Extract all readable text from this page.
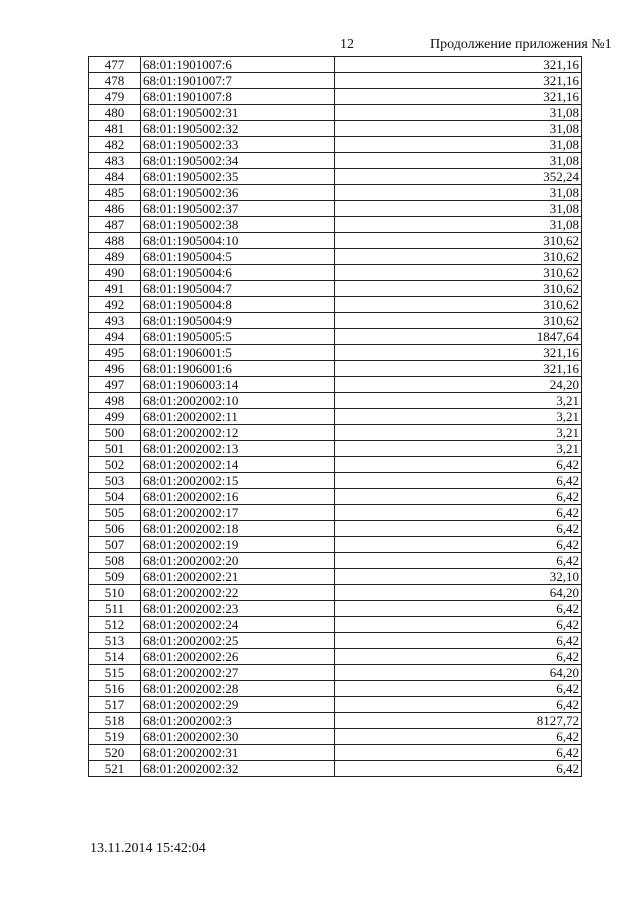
12	Продолжение приложения №1
477	68:01:1901007:6	321,16
478	68:01:1901007:7	321,16
479	68:01:1901007:8	321,16
480	68:01:1905002:31	31,08
481	68:01:1905002:32	31,08
482	68:01:1905002:33	31,08
483	68:01:1905002:34	31,08
484	68:01:1905002:35	352,24
485	68:01:1905002:36	31,08
486	68:01:1905002:37	31,08
487	68:01:1905002:38	31,08
488	68:01:1905004:10	310,62
489	68:01:1905004:5	310,62
490	68:01:1905004:6	310,62
491	68:01:1905004:7	310,62
492	68:01:1905004:8	310,62
493	68:01:1905004:9	310,62
494	68:01:1905005:5	1847,64
495	68:01:1906001:5	321,16
496	68:01:1906001:6	321,16
497	68:01:1906003:14	24,20
498	68:01:2002002:10	3,21
499	68:01:2002002:11	3,21
500	68:01:2002002:12	3,21
501	68:01:2002002:13	3,21
502	68:01:2002002:14	6,42
503	68:01:2002002:15	6,42
504	68:01:2002002:16	6,42
505	68:01:2002002:17	6,42
506	68:01:2002002:18	6,42
507	68:01:2002002:19	6,42
508	68:01:2002002:20	6,42
509	68:01:2002002:21	32,10
510	68:01:2002002:22	64,20
511	68:01:2002002:23	6,42
512	68:01:2002002:24	6,42
513	68:01:2002002:25	6,42
514	68:01:2002002:26	6,42
515	68:01:2002002:27	64,20
516	68:01:2002002:28	6,42
517	68:01:2002002:29	6,42
518	68:01:2002002:3	8127,72
519	68:01:2002002:30	6,42
520	68:01:2002002:31	6,42
521	68:01:2002002:32	6,42
13.11.2014 15:42:04
